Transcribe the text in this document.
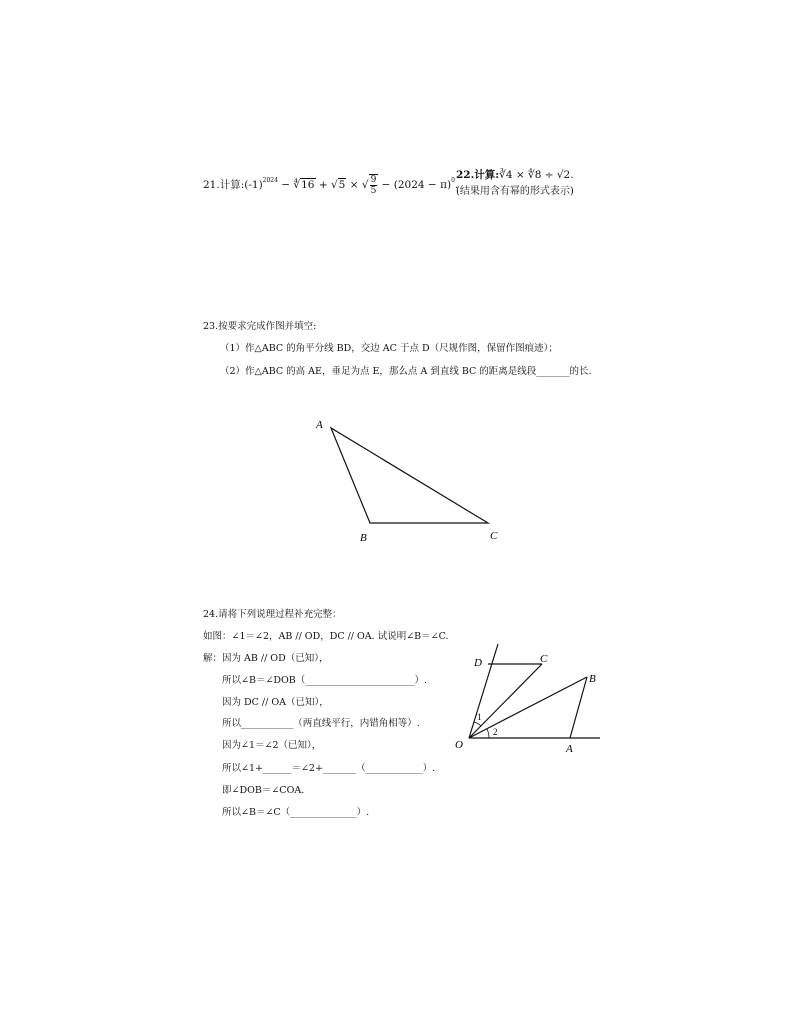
21.计算$:(-1)^{2024}$ − ∜16 + √5 × √ $\frac{9}{5} - (2024 - \pi)^0$.
22.计算:∛4 × ∜8 ÷ √2.
(结果用含有幂的形式表示)
23.按要求完成作图并填空:
（1）作△ABC 的角平分线 BD，交边 AC 于点 D（尺规作图，保留作图痕迹）；
（2）作△ABC 的高 AE，垂足为点 E，那么点 A 到直线 BC 的距离是线段_______的长.
A
B	C
24.请将下列说理过程补充完整：
如图：∠1＝∠2，AB // OD，DC // OA. 试说明∠B＝∠C.
解：因为 AB // OD（已知），
所以∠B＝∠DOB（_______________________）.
因为 DC // OA（已知），
所以___________（两直线平行，内错角相等）.
因为∠1＝∠2（已知），
所以∠1+______＝∠2+_______（____________）.
即∠DOB＝∠COA.
所以∠B＝∠C（______________）.
D	C
B
O	A
1
2
